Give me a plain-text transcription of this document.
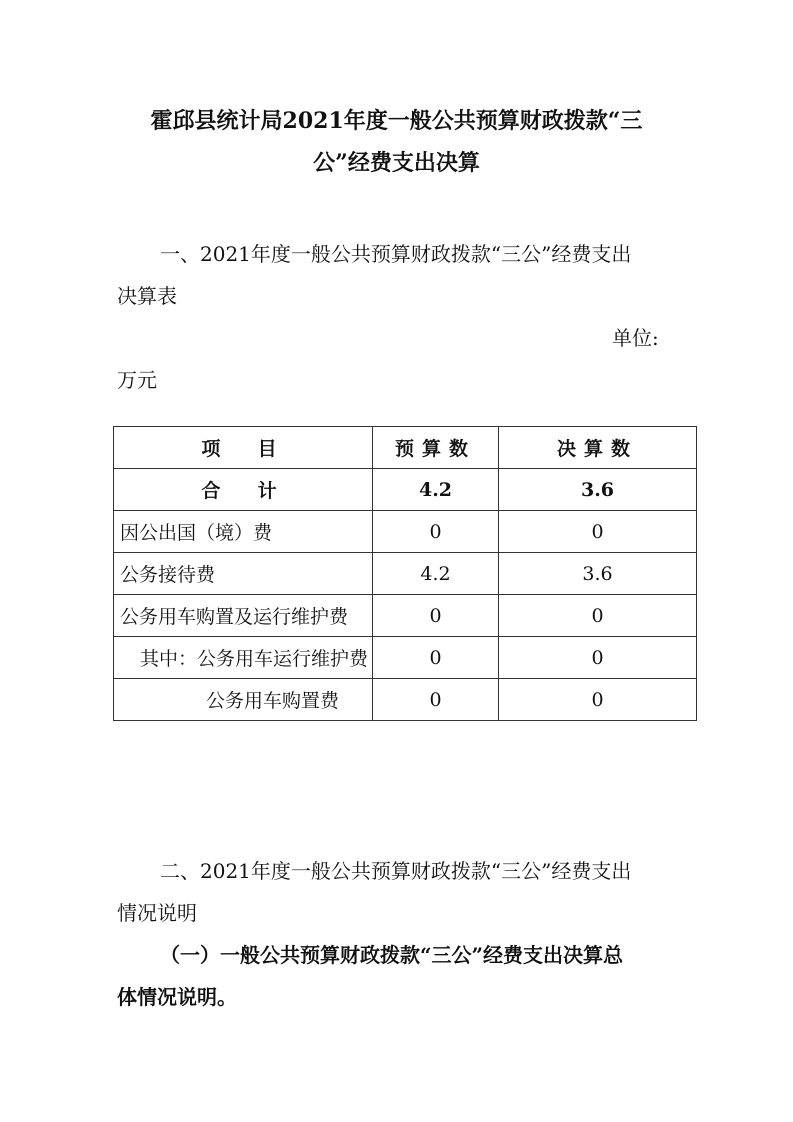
霍邱县统计局2021年度一般公共预算财政拨款“三
公”经费支出决算
一、2021年度一般公共预算财政拨款“三公”经费支出
决算表
单位:
万元
项  目	预算数	决算数
合  计	4.2	3.6
因公出国（境）费	0	0
公务接待费	4.2	3.6
公务用车购置及运行维护费	0	0
其中：公务用车运行维护费	0	0
公务用车购置费	0	0
二、2021年度一般公共预算财政拨款“三公”经费支出
情况说明
（一）一般公共预算财政拨款“三公”经费支出决算总
体情况说明。
